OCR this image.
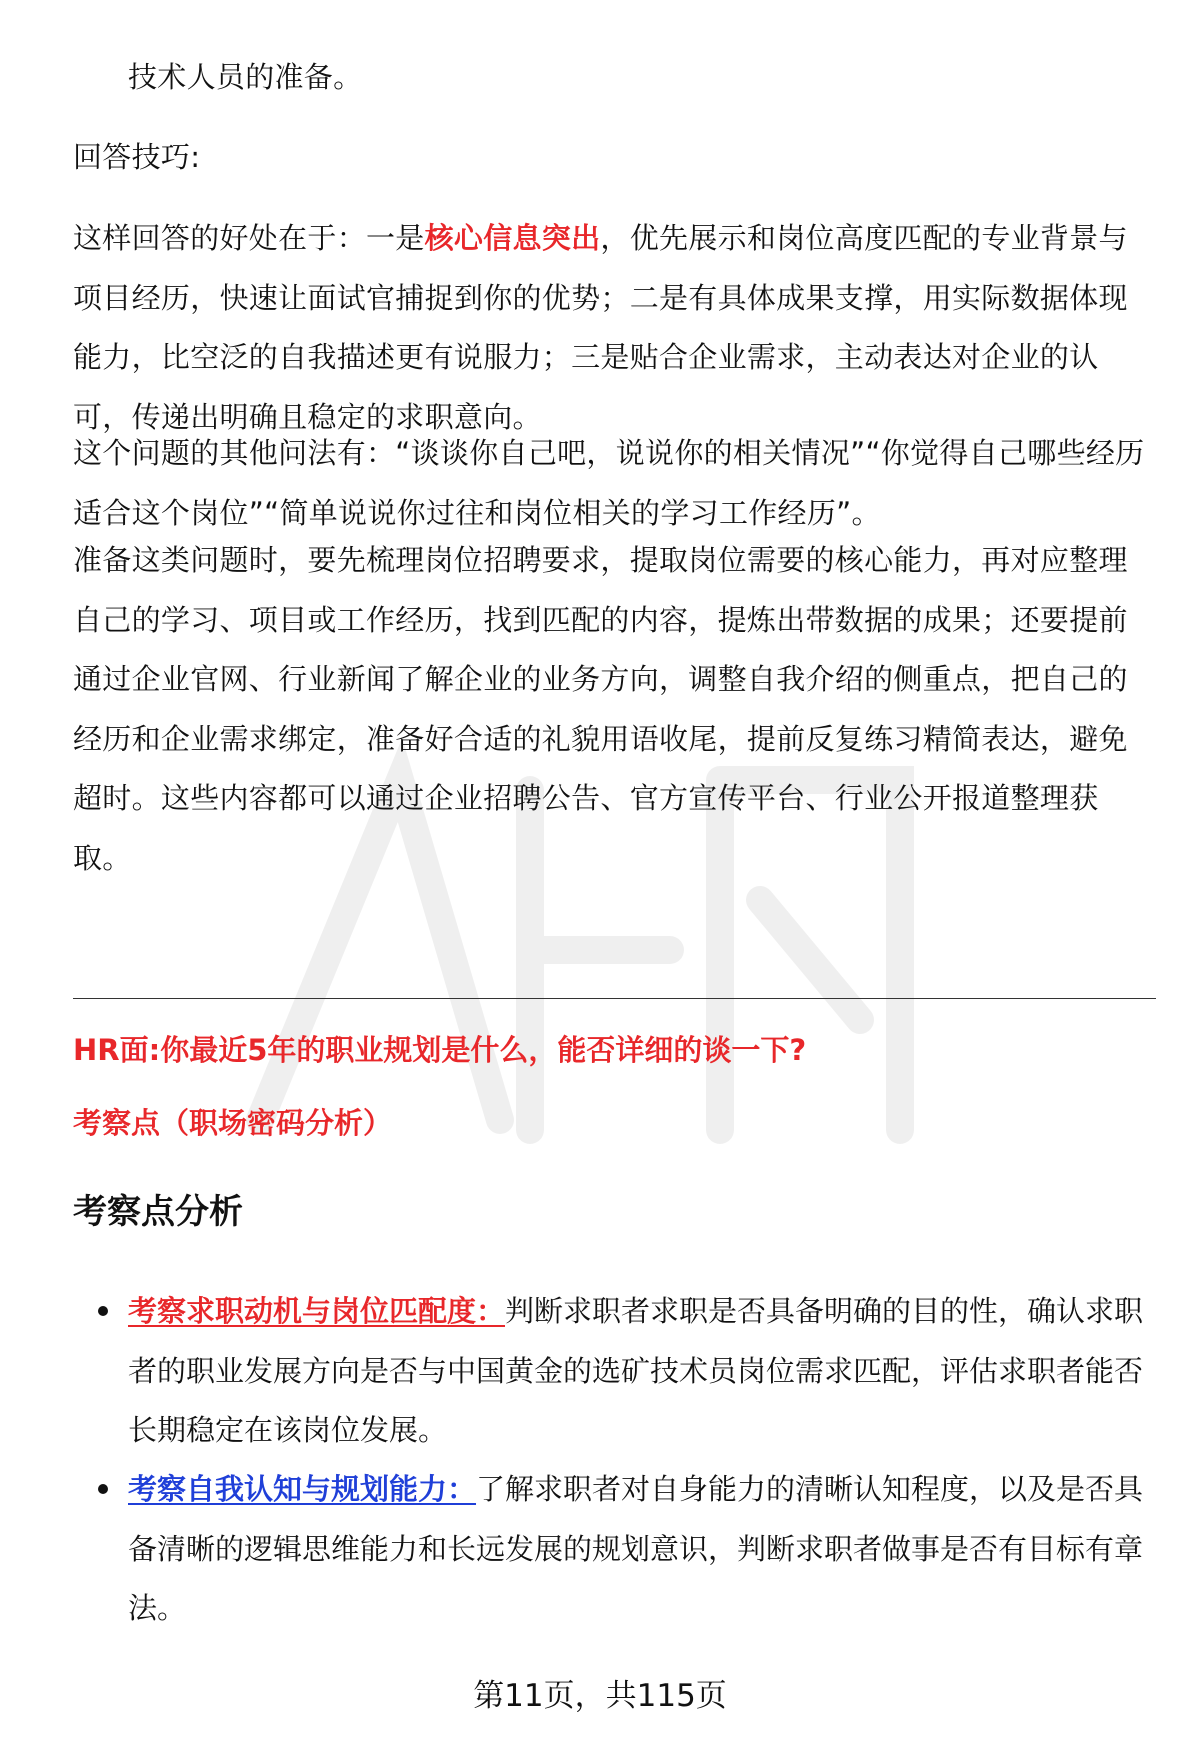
技术人员的准备。
回答技巧:
这样回答的好处在于：一是核心信息突出，优先展示和岗位高度匹配的专业背景与项目经历，快速让面试官捕捉到你的优势；二是有具体成果支撑，用实际数据体现能力，比空泛的自我描述更有说服力；三是贴合企业需求，主动表达对企业的认可，传递出明确且稳定的求职意向。
这个问题的其他问法有：“谈谈你自己吧，说说你的相关情况”“你觉得自己哪些经历适合这个岗位”“简单说说你过往和岗位相关的学习工作经历”。
准备这类问题时，要先梳理岗位招聘要求，提取岗位需要的核心能力，再对应整理自己的学习、项目或工作经历，找到匹配的内容，提炼出带数据的成果；还要提前通过企业官网、行业新闻了解企业的业务方向，调整自我介绍的侧重点，把自己的经历和企业需求绑定，准备好合适的礼貌用语收尾，提前反复练习精简表达，避免超时。这些内容都可以通过企业招聘公告、官方宣传平台、行业公开报道整理获取。
HR面:你最近5年的职业规划是什么，能否详细的谈一下?
考察点（职场密码分析）
考察点分析
考察求职动机与岗位匹配度：判断求职者求职是否具备明确的目的性，确认求职者的职业发展方向是否与中国黄金的选矿技术员岗位需求匹配，评估求职者能否长期稳定在该岗位发展。
考察自我认知与规划能力：了解求职者对自身能力的清晰认知程度，以及是否具备清晰的逻辑思维能力和长远发展的规划意识，判断求职者做事是否有目标有章法。
第11页，共115页
